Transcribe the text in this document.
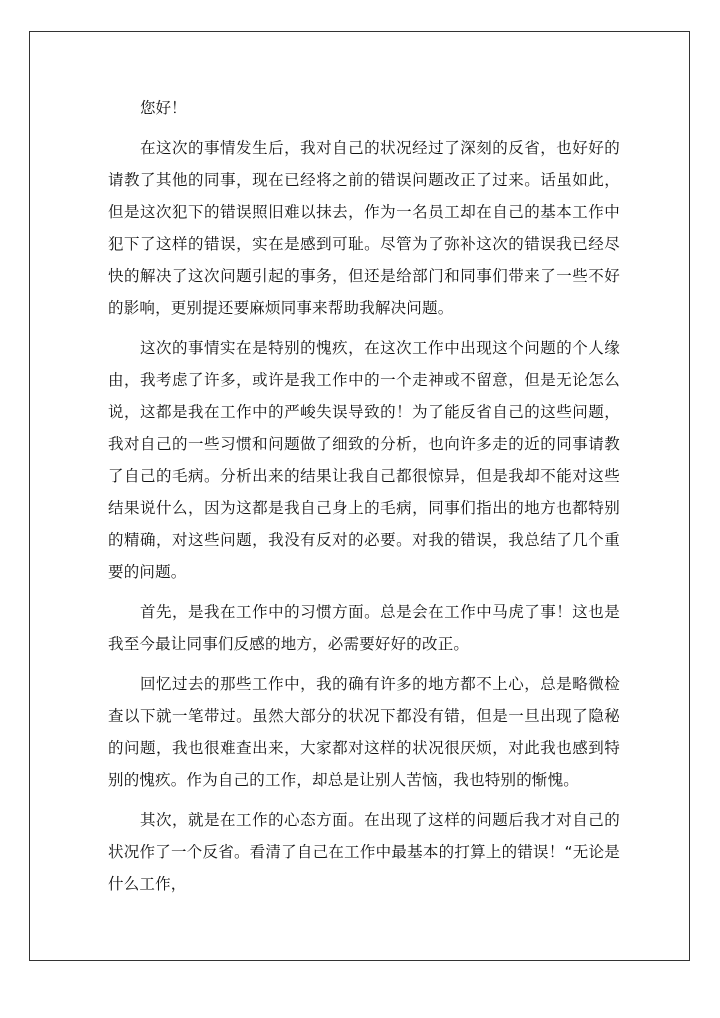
您好！

在这次的事情发生后，我对自己的状况经过了深刻的反省，也好好的请教了其他的同事，现在已经将之前的错误问题改正了过来。话虽如此，但是这次犯下的错误照旧难以抹去，作为一名员工却在自己的基本工作中犯下了这样的错误，实在是感到可耻。尽管为了弥补这次的错误我已经尽快的解决了这次问题引起的事务，但还是给部门和同事们带来了一些不好的影响，更别提还要麻烦同事来帮助我解决问题。

这次的事情实在是特别的愧疚，在这次工作中出现这个问题的个人缘由，我考虑了许多，或许是我工作中的一个走神或不留意，但是无论怎么说，这都是我在工作中的严峻失误导致的！为了能反省自己的这些问题，我对自己的一些习惯和问题做了细致的分析，也向许多走的近的同事请教了自己的毛病。分析出来的结果让我自己都很惊异，但是我却不能对这些结果说什么，因为这都是我自己身上的毛病，同事们指出的地方也都特别的精确，对这些问题，我没有反对的必要。对我的错误，我总结了几个重要的问题。

首先，是我在工作中的习惯方面。总是会在工作中马虎了事！这也是我至今最让同事们反感的地方，必需要好好的改正。

回忆过去的那些工作中，我的确有许多的地方都不上心，总是略微检查以下就一笔带过。虽然大部分的状况下都没有错，但是一旦出现了隐秘的问题，我也很难查出来，大家都对这样的状况很厌烦，对此我也感到特别的愧疚。作为自己的工作，却总是让别人苦恼，我也特别的惭愧。

其次，就是在工作的心态方面。在出现了这样的问题后我才对自己的状况作了一个反省。看清了自己在工作中最基本的打算上的错误！“无论是什么工作，
